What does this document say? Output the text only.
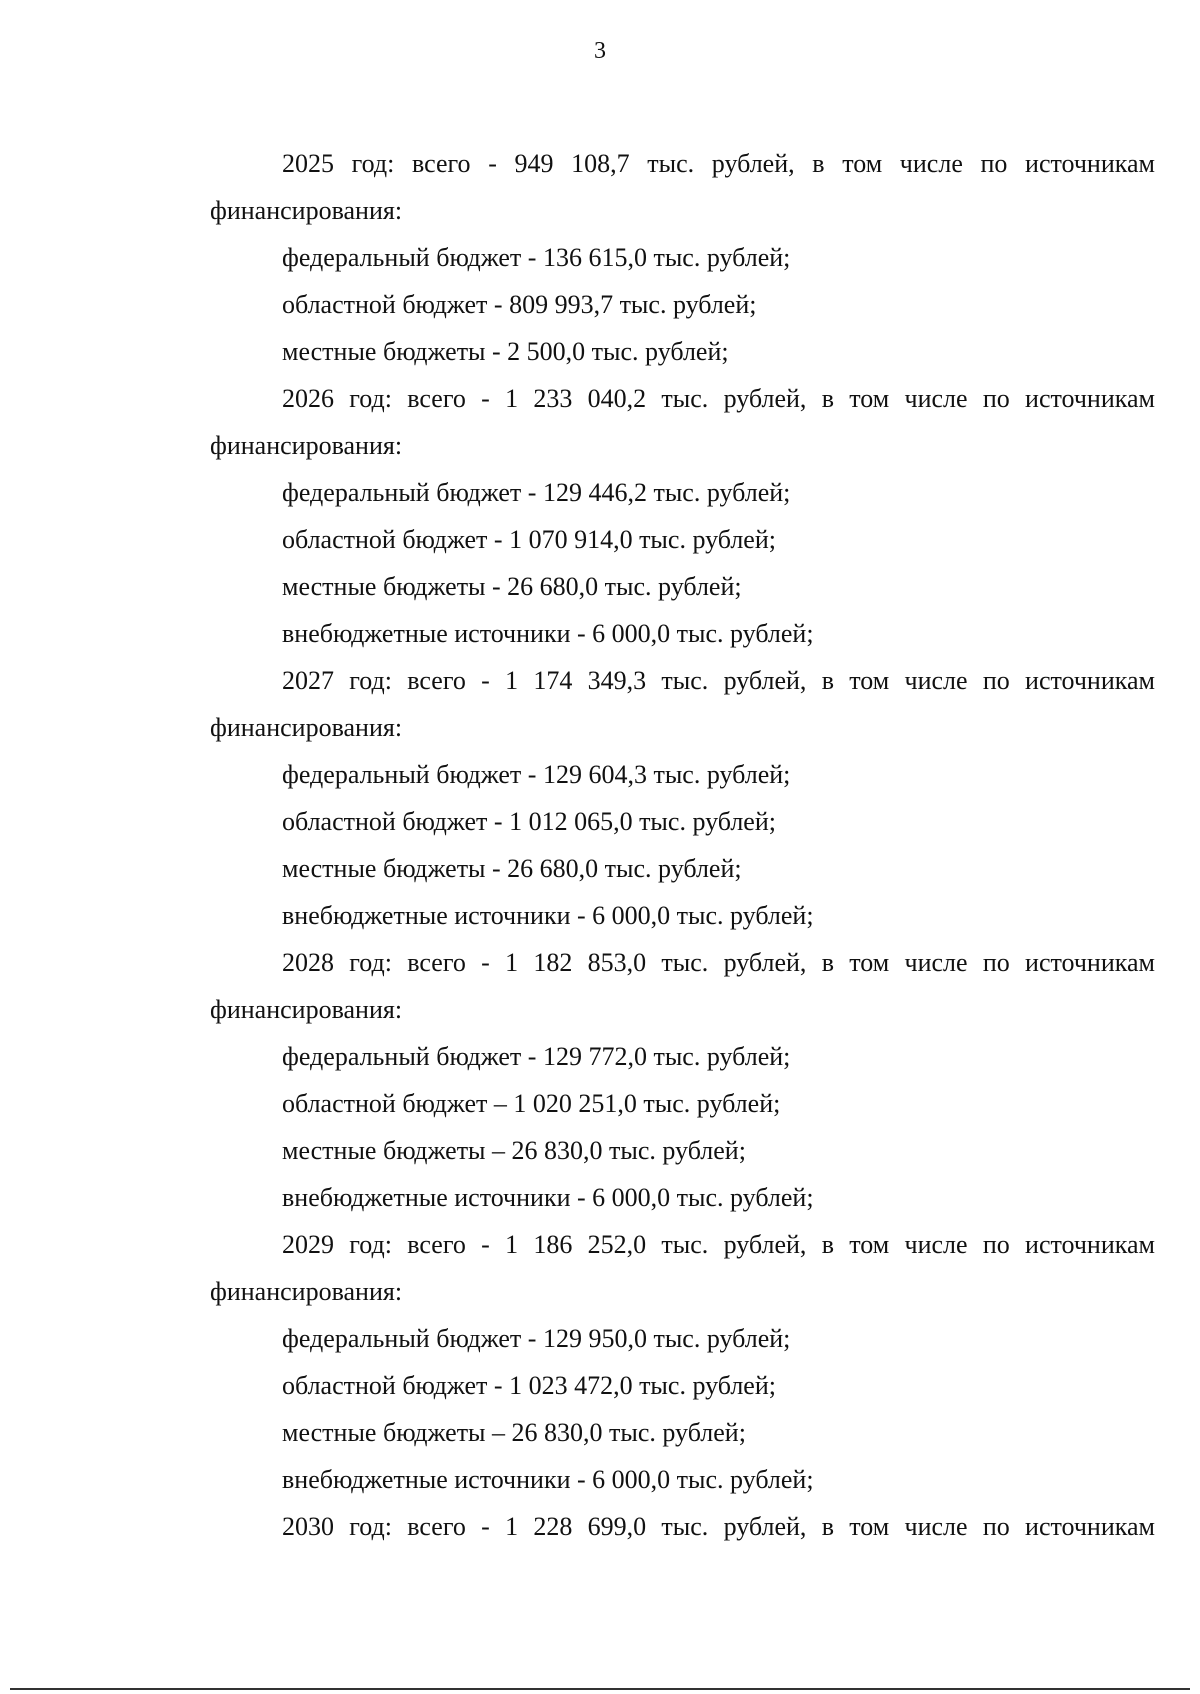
3
2025 год: всего - 949 108,7 тыс. рублей, в том числе по источникам
финансирования:
федеральный бюджет - 136 615,0 тыс. рублей;
областной бюджет - 809 993,7 тыс. рублей;
местные бюджеты - 2 500,0 тыс. рублей;
2026 год: всего - 1 233 040,2 тыс. рублей, в том числе по источникам
финансирования:
федеральный бюджет - 129 446,2 тыс. рублей;
областной бюджет - 1 070 914,0 тыс. рублей;
местные бюджеты - 26 680,0 тыс. рублей;
внебюджетные источники - 6 000,0 тыс. рублей;
2027 год: всего - 1 174 349,3 тыс. рублей, в том числе по источникам
финансирования:
федеральный бюджет - 129 604,3 тыс. рублей;
областной бюджет - 1 012 065,0 тыс. рублей;
местные бюджеты - 26 680,0 тыс. рублей;
внебюджетные источники - 6 000,0 тыс. рублей;
2028 год: всего - 1 182 853,0 тыс. рублей, в том числе по источникам
финансирования:
федеральный бюджет - 129 772,0 тыс. рублей;
областной бюджет – 1 020 251,0 тыс. рублей;
местные бюджеты – 26 830,0 тыс. рублей;
внебюджетные источники - 6 000,0 тыс. рублей;
2029 год: всего - 1 186 252,0 тыс. рублей, в том числе по источникам
финансирования:
федеральный бюджет - 129 950,0 тыс. рублей;
областной бюджет - 1 023 472,0 тыс. рублей;
местные бюджеты – 26 830,0 тыс. рублей;
внебюджетные источники - 6 000,0 тыс. рублей;
2030 год: всего - 1 228 699,0 тыс. рублей, в том числе по источникам
